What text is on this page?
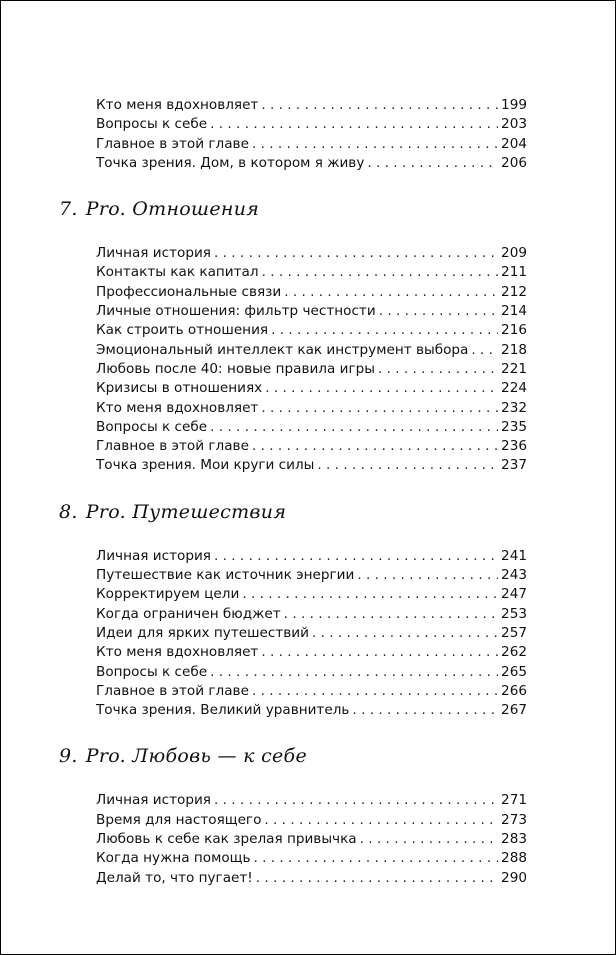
Кто меня вдохновляет . . .	199
Вопросы к себе . . .	203
Главное в этой главе . . .	204
Точка зрения. Дом, в котором я живу . . .	206
7. Pro. Отношения
Личная история . . .	209
Контакты как капитал . . .	211
Профессиональные связи . . .	212
Личные отношения: фильтр честности . . .	214
Как строить отношения . . .	216
Эмоциональный интеллект как инструмент выбора . . . 218
Любовь после 40: новые правила игры . . .	221
Кризисы в отношениях . . .	224
Кто меня вдохновляет . . .	232
Вопросы к себе . . .	235
Главное в этой главе . . .	236
Точка зрения. Мои круги силы . . .	237
8. Pro. Путешествия
Личная история . . .	241
Путешествие как источник энергии . . .	243
Корректируем цели . . .	247
Когда ограничен бюджет . . .	253
Идеи для ярких путешествий . . .	257
Кто меня вдохновляет . . .	262
Вопросы к себе . . .	265
Главное в этой главе . . .	266
Точка зрения. Великий уравнитель . . .	267
9. Pro. Любовь — к себе
Личная история . . .	271
Время для настоящего . . .	273
Любовь к себе как зрелая привычка . . .	283
Когда нужна помощь . . .	288
Делай то, что пугает! . . .	290
